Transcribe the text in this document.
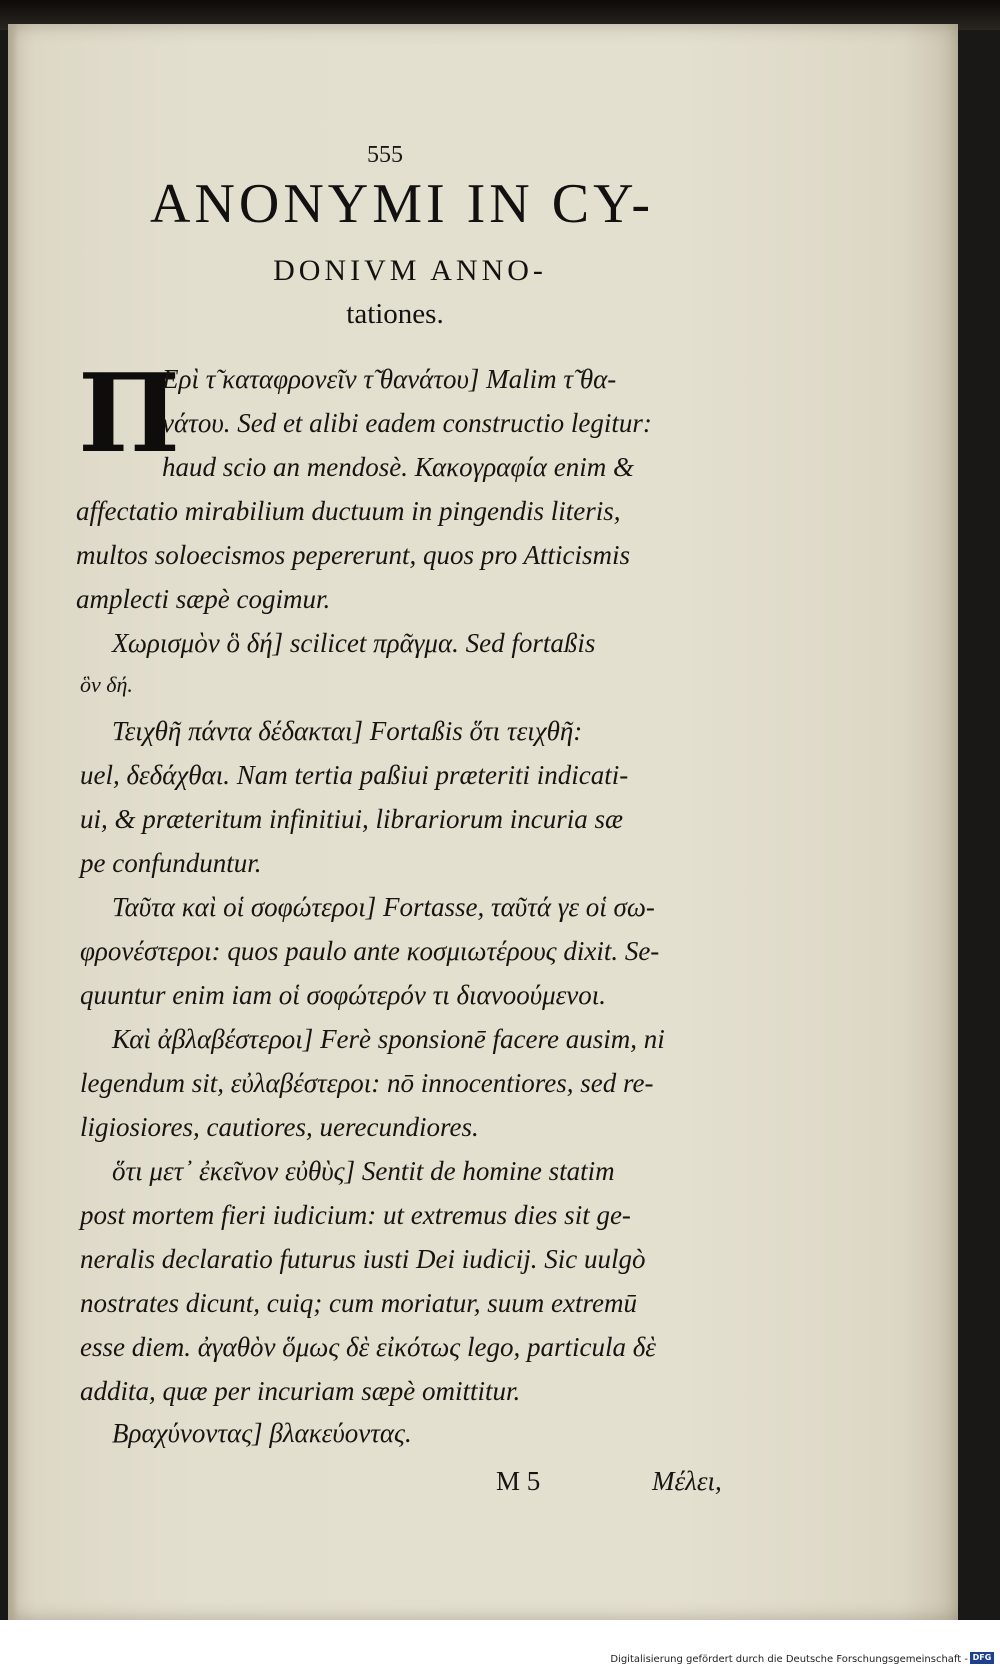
555
ANONYMI IN CY-
DONIVM ANNO-
tationes.
Π
Eρὶ τ̃ καταφρονεῖν τ̃ θανάτου] Malim τ̃ θα-
νάτου. Sed et alibi eadem constructio legitur:
haud scio an mendosè. Κακογραφία enim &
affectatio mirabilium ductuum in pingendis literis,
multos soloecismos pepererunt, quos pro Atticismis
amplecti sæpè cogimur.
Χωρισμὸν ὃ δή] scilicet πρᾶγμα. Sed fortaßis
ὃν δή.
Τειχθῆ πάντα δέδακται] Fortaßis ὅτι τειχθῆ:
uel, δεδάχθαι. Nam tertia paßiui præteriti indicati-
ui, & præteritum infinitiui, librariorum incuria sæ
pe confunduntur.
Ταῦτα καὶ οἱ σοφώτεροι] Fortasse, ταῦτά γε οἱ σω-
φρονέστεροι: quos paulo ante κοσμιωτέρους dixit. Se-
quuntur enim iam οἱ σοφώτερόν τι διανοούμενοι.
Καὶ ἀβλαβέστεροι] Ferè sponsionē facere ausim, ni
legendum sit, εὐλαβέστεροι: nō innocentiores, sed re-
ligiosiores, cautiores, uerecundiores.
ὅτι μετ᾽ ἐκεῖνον εὐθὺς] Sentit de homine statim
post mortem fieri iudicium: ut extremus dies sit ge-
neralis declaratio futurus iusti Dei iudicij. Sic uulgò
nostrates dicunt, cuiq; cum moriatur, suum extremū
esse diem. ἀγαθὸν ὅμως δὲ εἰκότως lego, particula δὲ
addita, quæ per incuriam sæpè omittitur.
Βραχύνοντας] βλακεύοντας.
M 5	Μέλει,
Digitalisierung gefördert durch die Deutsche Forschungsgemeinschaft - DFG
